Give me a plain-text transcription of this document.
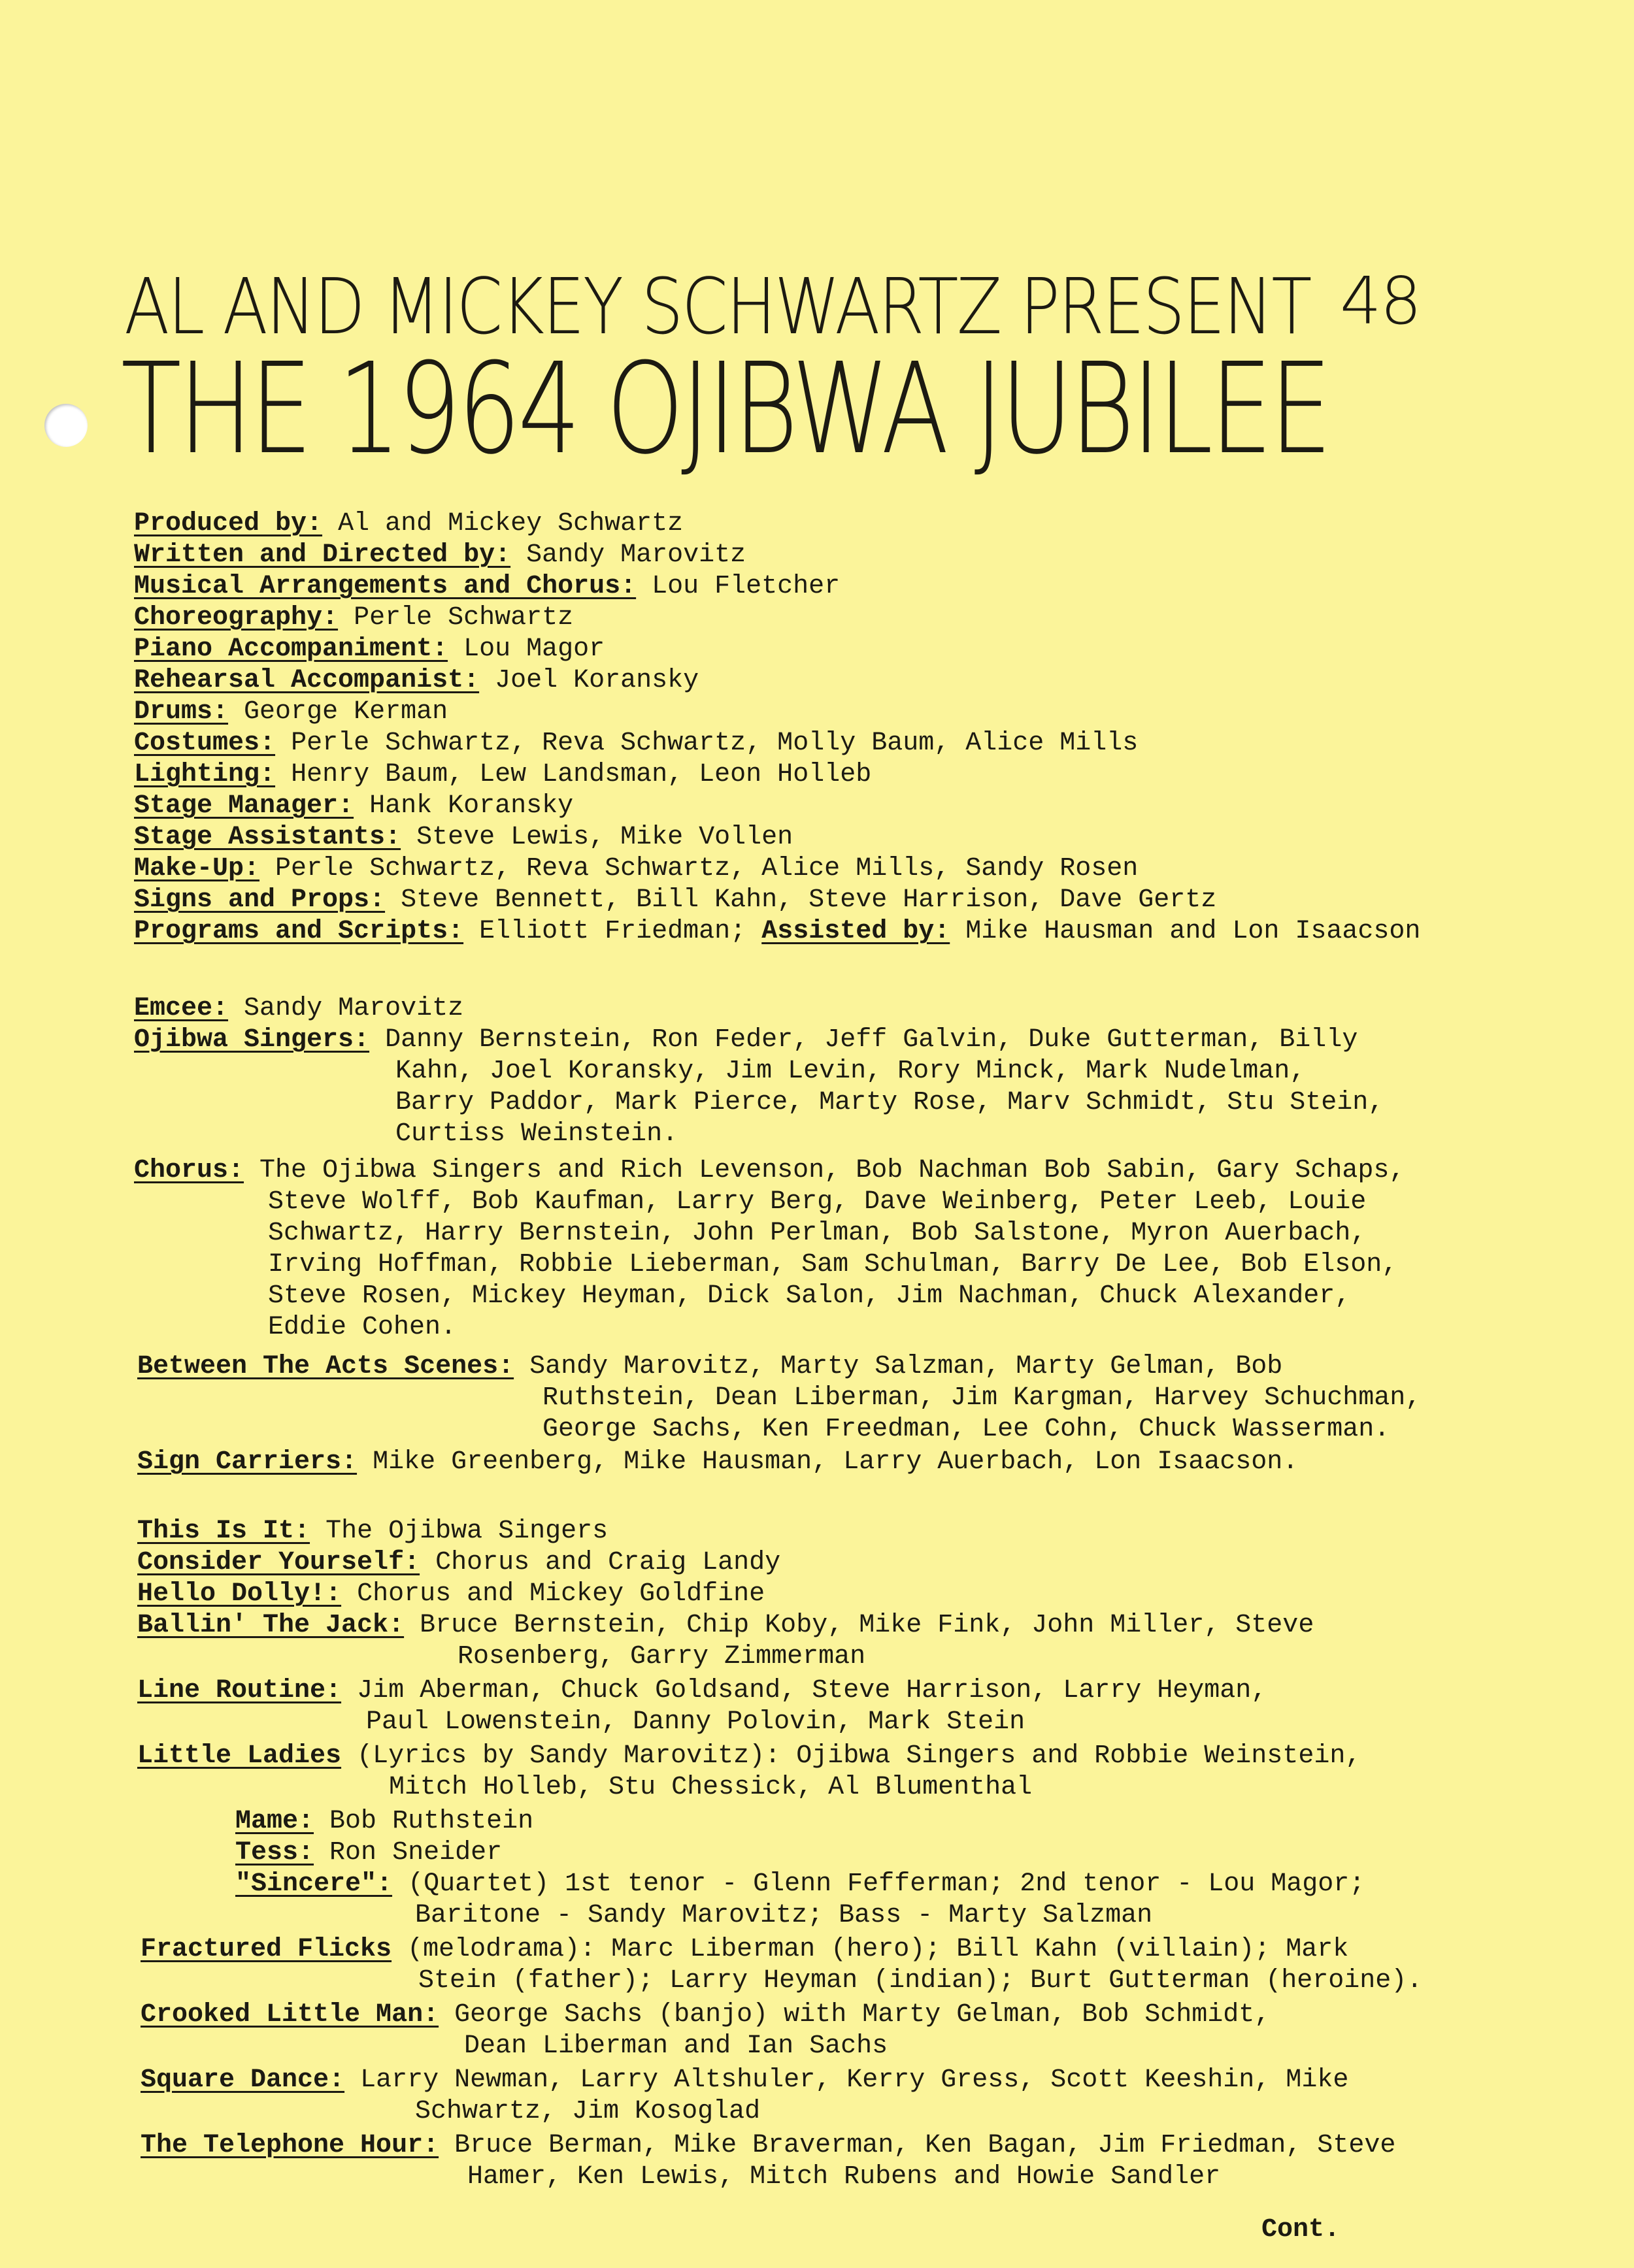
AL AND MICKEY SCHWARTZ PRESENT 48
THE 1964 OJIBWA JUBILEE
Produced by: Al and Mickey Schwartz
Written and Directed by: Sandy Marovitz
Musical Arrangements and Chorus: Lou Fletcher
Choreography: Perle Schwartz
Piano Accompaniment: Lou Magor
Rehearsal Accompanist: Joel Koransky
Drums: George Kerman
Costumes: Perle Schwartz, Reva Schwartz, Molly Baum, Alice Mills
Lighting: Henry Baum, Lew Landsman, Leon Holleb
Stage Manager: Hank Koransky
Stage Assistants: Steve Lewis, Mike Vollen
Make-Up: Perle Schwartz, Reva Schwartz, Alice Mills, Sandy Rosen
Signs and Props: Steve Bennett, Bill Kahn, Steve Harrison, Dave Gertz
Programs and Scripts: Elliott Friedman; Assisted by: Mike Hausman and Lon Isaacson
Emcee: Sandy Marovitz
Ojibwa Singers: Danny Bernstein, Ron Feder, Jeff Galvin, Duke Gutterman, Billy
Kahn, Joel Koransky, Jim Levin, Rory Minck, Mark Nudelman,
Barry Paddor, Mark Pierce, Marty Rose, Marv Schmidt, Stu Stein,
Curtiss Weinstein.
Chorus: The Ojibwa Singers and Rich Levenson, Bob Nachman Bob Sabin, Gary Schaps,
Steve Wolff, Bob Kaufman, Larry Berg, Dave Weinberg, Peter Leeb, Louie
Schwartz, Harry Bernstein, John Perlman, Bob Salstone, Myron Auerbach,
Irving Hoffman, Robbie Lieberman, Sam Schulman, Barry De Lee, Bob Elson,
Steve Rosen, Mickey Heyman, Dick Salon, Jim Nachman, Chuck Alexander,
Eddie Cohen.
Between The Acts Scenes: Sandy Marovitz, Marty Salzman, Marty Gelman, Bob
Ruthstein, Dean Liberman, Jim Kargman, Harvey Schuchman,
George Sachs, Ken Freedman, Lee Cohn, Chuck Wasserman.
Sign Carriers: Mike Greenberg, Mike Hausman, Larry Auerbach, Lon Isaacson.
This Is It: The Ojibwa Singers
Consider Yourself: Chorus and Craig Landy
Hello Dolly!: Chorus and Mickey Goldfine
Ballin' The Jack: Bruce Bernstein, Chip Koby, Mike Fink, John Miller, Steve
Rosenberg, Garry Zimmerman
Line Routine: Jim Aberman, Chuck Goldsand, Steve Harrison, Larry Heyman,
Paul Lowenstein, Danny Polovin, Mark Stein
Little Ladies (Lyrics by Sandy Marovitz): Ojibwa Singers and Robbie Weinstein,
Mitch Holleb, Stu Chessick, Al Blumenthal
Mame: Bob Ruthstein
Tess: Ron Sneider
"Sincere": (Quartet) 1st tenor - Glenn Fefferman; 2nd tenor - Lou Magor;
Baritone - Sandy Marovitz; Bass - Marty Salzman
Fractured Flicks (melodrama): Marc Liberman (hero); Bill Kahn (villain); Mark
Stein (father); Larry Heyman (indian); Burt Gutterman (heroine).
Crooked Little Man: George Sachs (banjo) with Marty Gelman, Bob Schmidt,
Dean Liberman and Ian Sachs
Square Dance: Larry Newman, Larry Altshuler, Kerry Gress, Scott Keeshin, Mike
Schwartz, Jim Kosoglad
The Telephone Hour: Bruce Berman, Mike Braverman, Ken Bagan, Jim Friedman, Steve
Hamer, Ken Lewis, Mitch Rubens and Howie Sandler
Cont.
